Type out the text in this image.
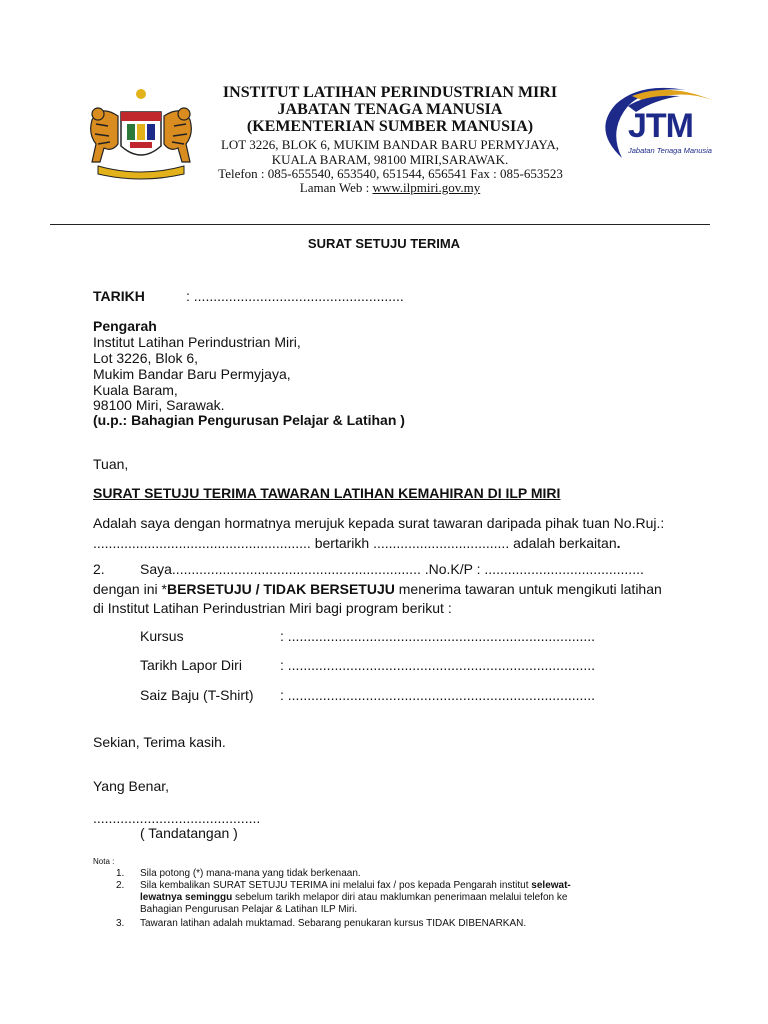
INSTITUT LATIHAN PERINDUSTRIAN MIRI
JABATAN TENAGA MANUSIA
(KEMENTERIAN SUMBER MANUSIA)
LOT 3226, BLOK 6, MUKIM BANDAR BARU PERMYJAYA,
KUALA BARAM, 98100 MIRI,SARAWAK.
Telefon : 085-655540, 653540, 651544, 656541 Fax : 085-653523
Laman Web : www.ilpmiri.gov.my
JTM
Jabatan Tenaga Manusia
SURAT SETUJU TERIMA
TARIKH	: ......................................................
Pengarah
Institut Latihan Perindustrian Miri,
Lot 3226, Blok 6,
Mukim Bandar Baru Permyjaya,
Kuala Baram,
98100 Miri, Sarawak.
(u.p.: Bahagian Pengurusan Pelajar & Latihan )
Tuan,
SURAT SETUJU TERIMA TAWARAN LATIHAN KEMAHIRAN DI ILP MIRI
Adalah saya dengan hormatnya merujuk kepada surat tawaran daripada pihak tuan No.Ruj.:
........................................................ bertarikh ................................... adalah berkaitan.
2.	Saya................................................................ .No.K/P : .........................................
dengan ini *BERSETUJU / TIDAK BERSETUJU menerima tawaran untuk mengikuti latihan
di Institut Latihan Perindustrian Miri bagi program berikut :
Kursus	: ...............................................................................
Tarikh Lapor Diri	: ...............................................................................
Saiz Baju (T-Shirt) : ...............................................................................
Sekian, Terima kasih.
Yang Benar,
...........................................
( Tandatangan )
Nota :
1. Sila potong (*) mana-mana yang tidak berkenaan.
2. Sila kembalikan SURAT SETUJU TERIMA ini melalui fax / pos kepada Pengarah institut selewat-
lewatnya seminggu sebelum tarikh melapor diri atau maklumkan penerimaan melalui telefon ke
Bahagian Pengurusan Pelajar & Latihan ILP Miri.
3. Tawaran latihan adalah muktamad. Sebarang penukaran kursus TIDAK DIBENARKAN.
